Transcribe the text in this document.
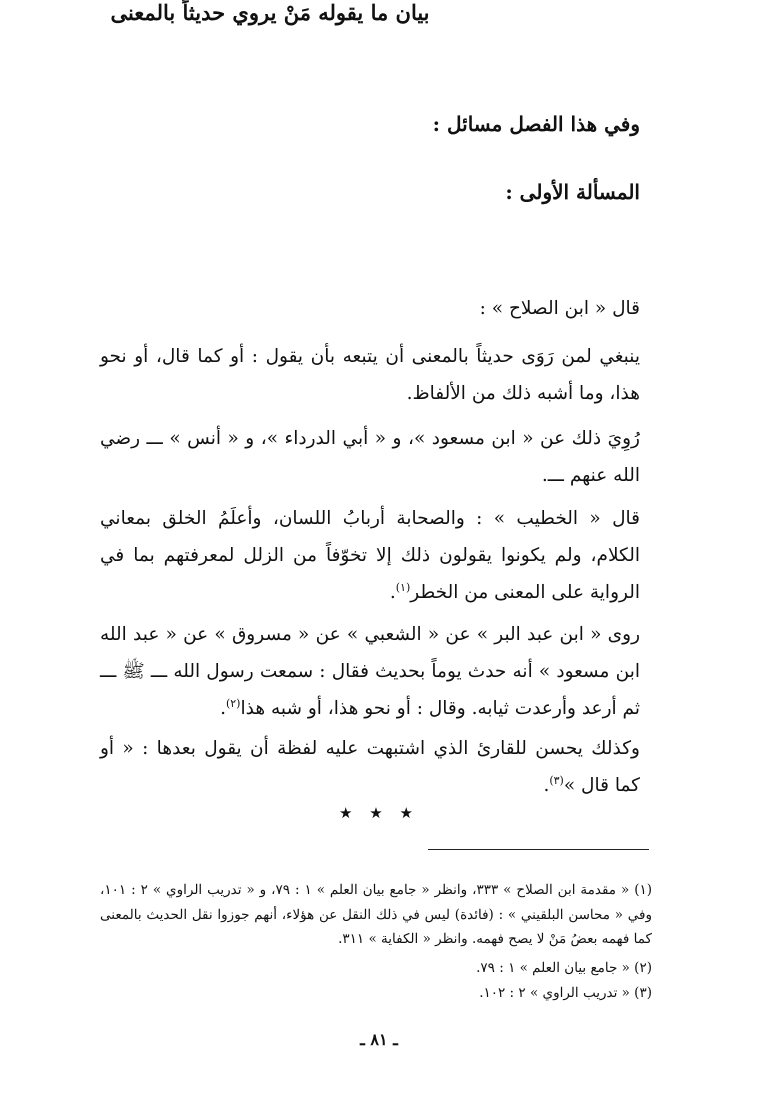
وفي هذا الفصل مسائل :
المسألة الأولى :
بيان ما يقوله مَنْ يروي حديثاً بالمعنى
قال « ابن الصلاح » :
ينبغي لمن رَوَى حديثاً بالمعنى أن يتبعه بأن يقول : أو كما قال، أو نحو هذا، وما أشبه ذلك من الألفاظ.
رُوِيَ ذلك عن « ابن مسعود »، و « أبي الدرداء »، و « أنس » ـــ رضي الله عنهم ـــ.
قال « الخطيب » : والصحابة أربابُ اللسان، وأعلَمُ الخلق بمعاني الكلام، ولم يكونوا يقولون ذلك إلا تخوّفاً من الزلل لمعرفتهم بما في الرواية على المعنى من الخطر$^{(١)}$.
روى « ابن عبد البر » عن « الشعبي » عن « مسروق » عن « عبد الله ابن مسعود » أنه حدث يوماً بحديث فقال : سمعت رسول الله ـــ ﷺ ـــ ثم أرعد وأرعدت ثيابه. وقال : أو نحو هذا، أو شبه هذا$^{(٢)}$.
وكذلك يحسن للقارئ الذي اشتبهت عليه لفظة أن يقول بعدها : « أو كما قال »$^{(٣)}$.
★ ★ ★
(١) « مقدمة ابن الصلاح » ٣٣٣، وانظر « جامع بيان العلم » ١ : ٧٩، و « تدريب الراوي » ٢ : ١٠١، وفي « محاسن البلقيني » : (فائدة) ليس في ذلك النقل عن هؤلاء، أنهم جوزوا نقل الحديث بالمعنى كما فهمه بعضُ مَنْ لا يصح فهمه. وانظر « الكفاية » ٣١١.
(٢) « جامع بيان العلم » ١ : ٧٩.
(٣) « تدريب الراوي » ٢ : ١٠٢.
ـ ٨١ ـ
